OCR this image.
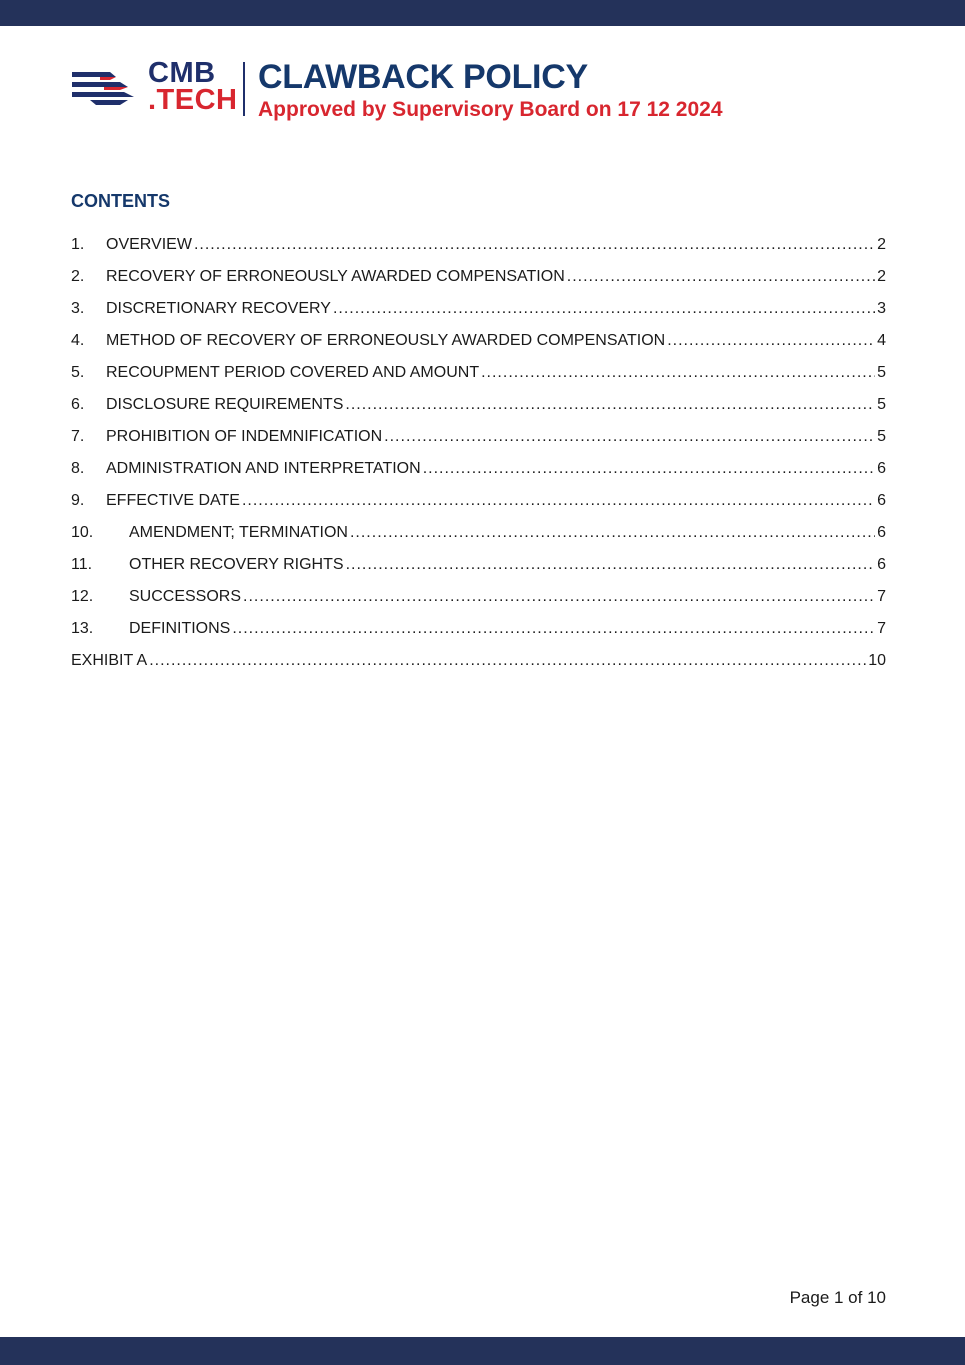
CMB
.TECH
CLAWBACK POLICY
Approved by Supervisory Board on 17 12 2024
CONTENTS
1.	OVERVIEW .....	2
2.	RECOVERY OF ERRONEOUSLY AWARDED COMPENSATION .....	2
3.	DISCRETIONARY RECOVERY .....	3
4.	METHOD OF RECOVERY OF ERRONEOUSLY AWARDED COMPENSATION .....	4
5.	RECOUPMENT PERIOD COVERED AND AMOUNT .....	5
6.	DISCLOSURE REQUIREMENTS .....	5
7.	PROHIBITION OF INDEMNIFICATION .....	5
8.	ADMINISTRATION AND INTERPRETATION .....	6
9.	EFFECTIVE DATE .....	6
10.	AMENDMENT; TERMINATION .....	6
11.	OTHER RECOVERY RIGHTS .....	6
12.	SUCCESSORS .....	7
13.	DEFINITIONS .....	7
EXHIBIT A .....	10
Page 1 of 10
